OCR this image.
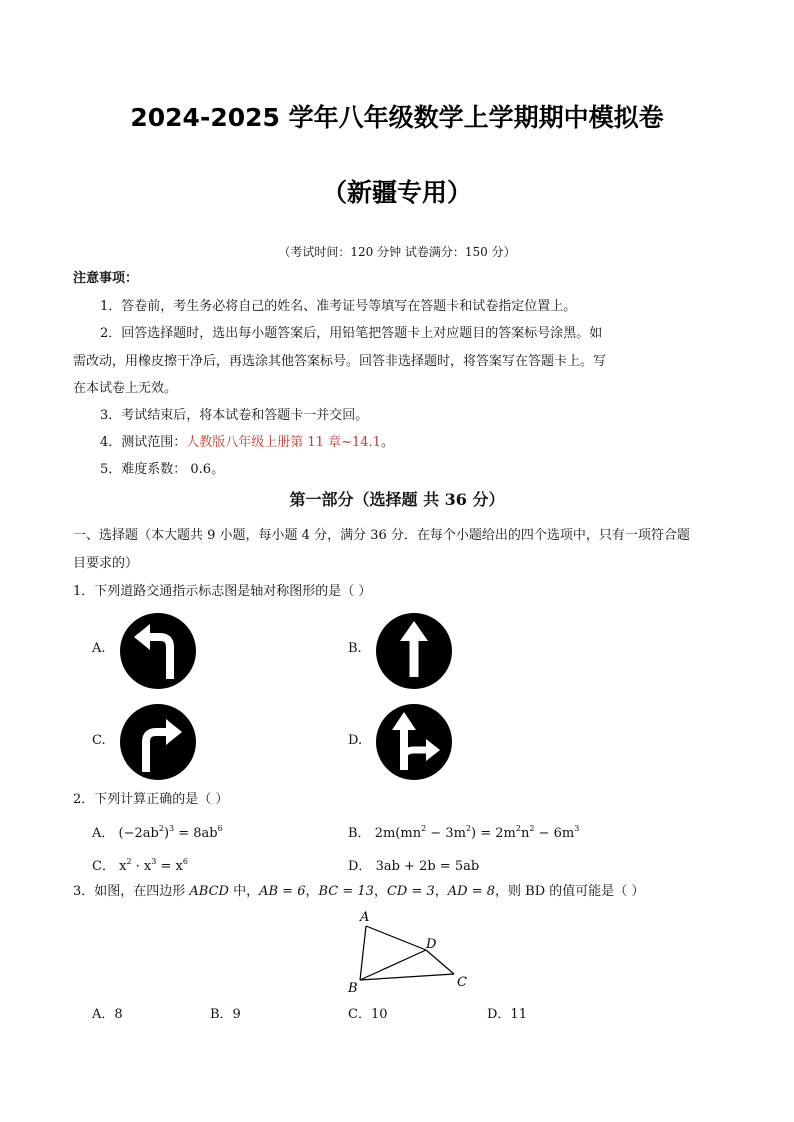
2024-2025 学年八年级数学上学期期中模拟卷
（新疆专用）
（考试时间：120 分钟 试卷满分：150 分）
注意事项：
1．答卷前，考生务必将自己的姓名、准考证号等填写在答题卡和试卷指定位置上。
2．回答选择题时，选出每小题答案后，用铅笔把答题卡上对应题目的答案标号涂黑。如
需改动，用橡皮擦干净后，再选涂其他答案标号。回答非选择题时，将答案写在答题卡上。写
在本试卷上无效。
3．考试结束后，将本试卷和答题卡一并交回。
4．测试范围：人教版八年级上册第 11 章~14.1。
5．难度系数： 0.6。
第一部分（选择题 共 36 分）
一、选择题（本大题共 9 小题，每小题 4 分，满分 36 分．在每个小题给出的四个选项中，只有一项符合题
目要求的）
1．下列道路交通指示标志图是轴对称图形的是（ ）
A.	B.
C.	D.
2．下列计算正确的是（ ）
A． $(-2ab^2)^3 = 8ab^6$	B． $2m(mn^2 - 3m^2) = 2m^2n^2 - 6m^3$
C． $x^2 \cdot x^3 = x^6$	D． 3ab + 2b = 5ab
3．如图，在四边形 ABCD 中，AB = 6，BC = 13，CD = 3，AD = 8，则 BD 的值可能是（ ）
A
B	C
D
A．8	B．9	C．10	D．11
